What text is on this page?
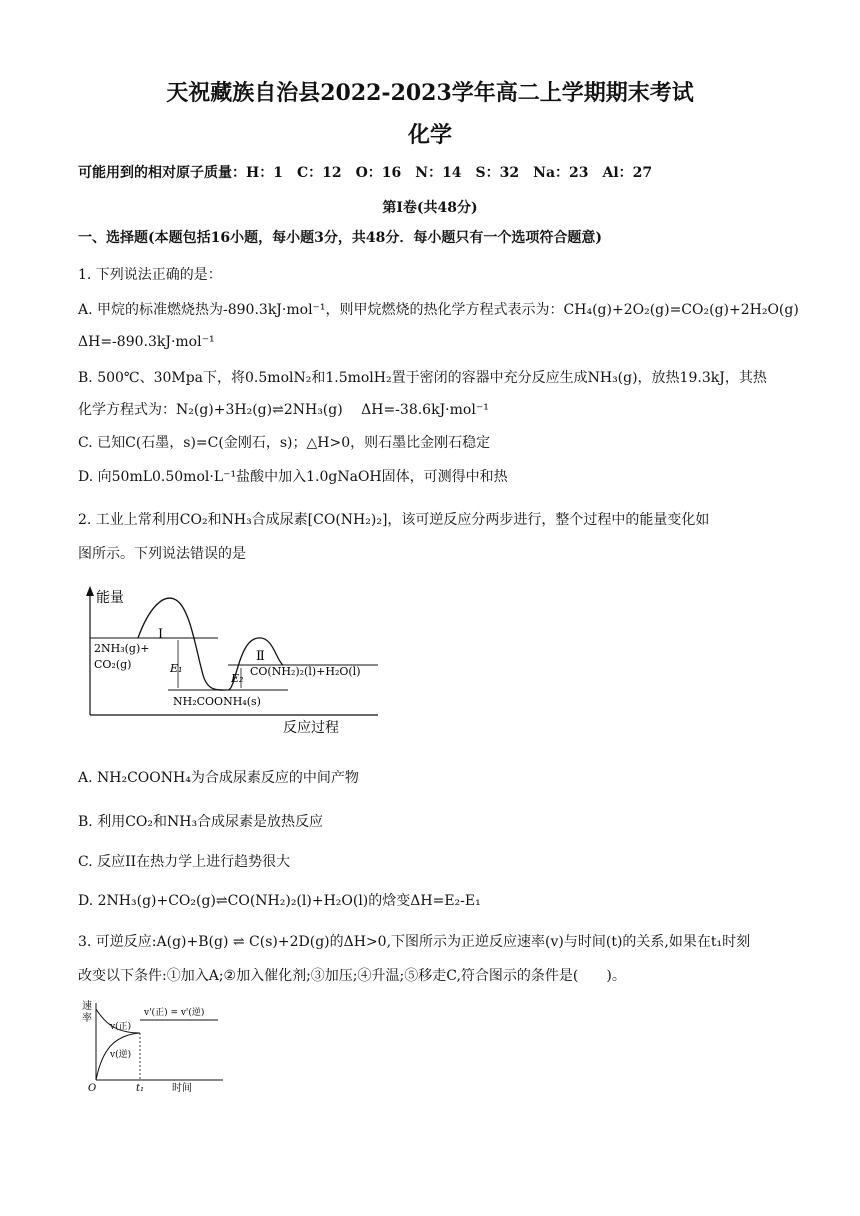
天祝藏族自治县2022-2023学年高二上学期期末考试
化学
可能用到的相对原子质量：H：1　C：12　O：16　N：14　S：32　Na：23　Al：27
第Ⅰ卷(共48分)
一、选择题(本题包括16小题，每小题3分，共48分．每小题只有一个选项符合题意)
1. 下列说法正确的是：
A. 甲烷的标准燃烧热为-890.3kJ·mol⁻¹，则甲烷燃烧的热化学方程式表示为：CH₄(g)+2O₂(g)=CO₂(g)+2H₂O(g)
ΔH=-890.3kJ·mol⁻¹
B. 500℃、30Mpa下，将0.5molN₂和1.5molH₂置于密闭的容器中充分反应生成NH₃(g)，放热19.3kJ，其热
化学方程式为：N₂(g)+3H₂(g)⇌2NH₃(g)　 ΔH=-38.6kJ·mol⁻¹
C. 已知C(石墨，s)=C(金刚石，s)；△H>0，则石墨比金刚石稳定
D. 向50mL0.50mol·L⁻¹盐酸中加入1.0gNaOH固体，可测得中和热
2. 工业上常利用CO₂和NH₃合成尿素[CO(NH₂)₂]，该可逆反应分两步进行，整个过程中的能量变化如
图所示。下列说法错误的是
能量
反应过程
Ⅰ
Ⅱ
2NH₃(g)+
CO₂(g)	E₁
E₂
CO(NH₂)₂(l)+H₂O(l)
NH₂COONH₄(s)
A. NH₂COONH₄为合成尿素反应的中间产物
B. 利用CO₂和NH₃合成尿素是放热反应
C. 反应II在热力学上进行趋势很大
D. 2NH₃(g)+CO₂(g)⇌CO(NH₂)₂(l)+H₂O(l)的焓变ΔH=E₂-E₁
3. 可逆反应:A(g)+B(g) ⇌ C(s)+2D(g)的ΔH>0,下图所示为正逆反应速率(v)与时间(t)的关系,如果在t₁时刻
改变以下条件:①加入A;②加入催化剂;③加压;④升温;⑤移走C,符合图示的条件是(　　)。
速
率
时间
O	t₁
v(正)
v(逆)
v'(正) = v'(逆)
